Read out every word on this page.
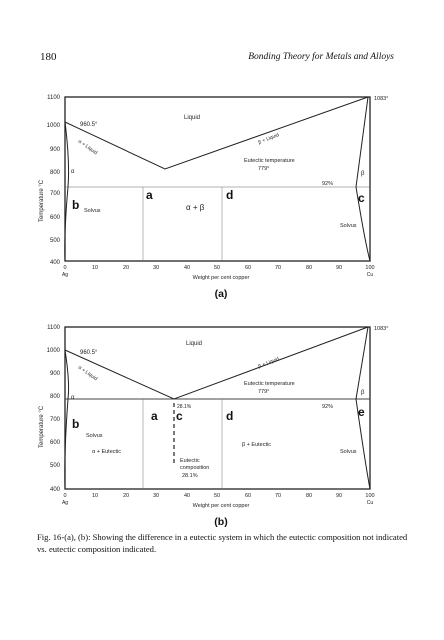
180	Bonding Theory for Metals and Alloys
1100
1000
900
800
700
600
500
400
Temperature °C
Liquid
960.5°
1083°
α + Liquid	β + Liquid
Eutectic temperature
779°
92%
α	β
α + β
Solvus
Solvus
b
a	d	c
0	10	20	30	40	50	60	70	80	90	100
Ag	Cu
Weight per cent copper
(a)
1100
1000
900
800
700
600
500
400
Temperature °C
Liquid
960.5°
1083°
α + Liquid
β + Liquid
Eutectic temperature
779°
92%
28.1%
α
β
Solvus
Solvus
α + Eutectic
β + Eutectic
Eutectic
composition
28.1%
b
a c	d	e
0	10	20	30	40	50	60	70	80	90	100
Ag	Cu
Weight per cent copper
(b)
Fig. 16-(a), (b): Showing the difference in a eutectic system in which the eutectic composition not indicated vs. eutectic composition indicated.
